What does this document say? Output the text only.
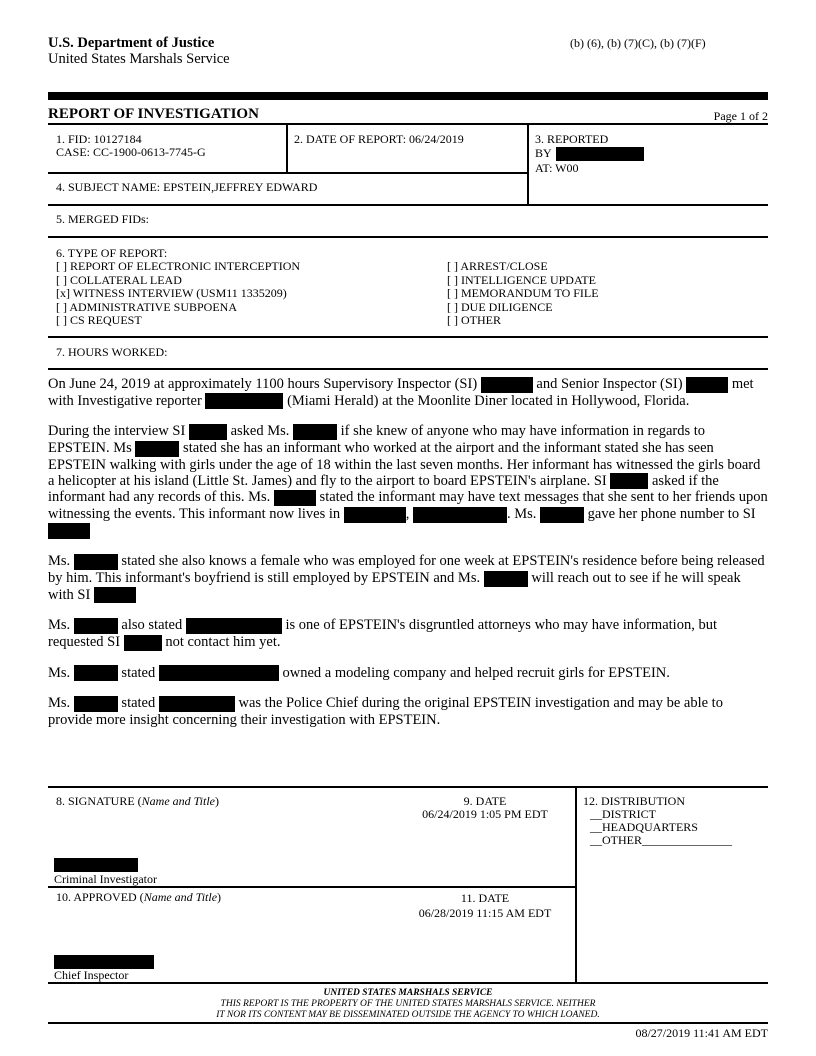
U.S. Department of Justice
United States Marshals Service
(b) (6), (b) (7)(C), (b) (7)(F)
REPORT OF INVESTIGATION	Page 1 of 2
1. FID: 10127184
CASE: CC-1900-0613-7745-G
2. DATE OF REPORT: 06/24/2019	3. REPORTED
BY
AT: W00
4. SUBJECT NAME: EPSTEIN,JEFFREY EDWARD
5. MERGED FIDs:
6. TYPE OF REPORT:
[ ] REPORT OF ELECTRONIC INTERCEPTION
[ ] COLLATERAL LEAD
[x] WITNESS INTERVIEW (USM11 1335209)
[ ] ADMINISTRATIVE SUBPOENA
[ ] CS REQUEST
[ ] ARREST/CLOSE
[ ] INTELLIGENCE UPDATE
[ ] MEMORANDUM TO FILE
[ ] DUE DILIGENCE
[ ] OTHER
7. HOURS WORKED:

On June 24, 2019 at approximately 1100 hours Supervisory Inspector (SI)	and Senior Inspector (SI)	met with Investigative reporter	(Miami Herald) at the Moonlite Diner located in Hollywood, Florida.

During the interview SI	asked Ms.	if she knew of anyone who may have information in regards to EPSTEIN. Ms	stated she has an informant who worked at the airport and the informant stated she has seen EPSTEIN walking with girls under the age of 18 within the last seven months. Her informant has witnessed the girls board a helicopter at his island (Little St. James) and fly to the airport to board EPSTEIN's airplane. SI	asked if the informant had any records of this. Ms.	stated the informant may have text messages that she sent to her friends upon witnessing the events. This informant now lives in	,	. Ms.	gave her phone number to SI

Ms.	stated she also knows a female who was employed for one week at EPSTEIN's residence before being released by him. This informant's boyfriend is still employed by EPSTEIN and Ms.	will reach out to see if he will speak with SI

Ms.	also stated	is one of EPSTEIN's disgruntled attorneys who may have information, but requested SI	not contact him yet.

Ms.	stated	owned a modeling company and helped recruit girls for EPSTEIN.

Ms.	stated	was the Police Chief during the original EPSTEIN investigation and may be able to provide more insight concerning their investigation with EPSTEIN.

8. SIGNATURE (Name and Title)	9. DATE
06/24/2019 1:05 PM EDT
Criminal Investigator
10. APPROVED (Name and Title)	11. DATE
06/28/2019 11:15 AM EDT
Chief Inspector
12. DISTRIBUTION
__DISTRICT
__HEADQUARTERS
__OTHER_______________
UNITED STATES MARSHALS SERVICE
THIS REPORT IS THE PROPERTY OF THE UNITED STATES MARSHALS SERVICE. NEITHER
IT NOR ITS CONTENT MAY BE DISSEMINATED OUTSIDE THE AGENCY TO WHICH LOANED.
08/27/2019 11:41 AM EDT
